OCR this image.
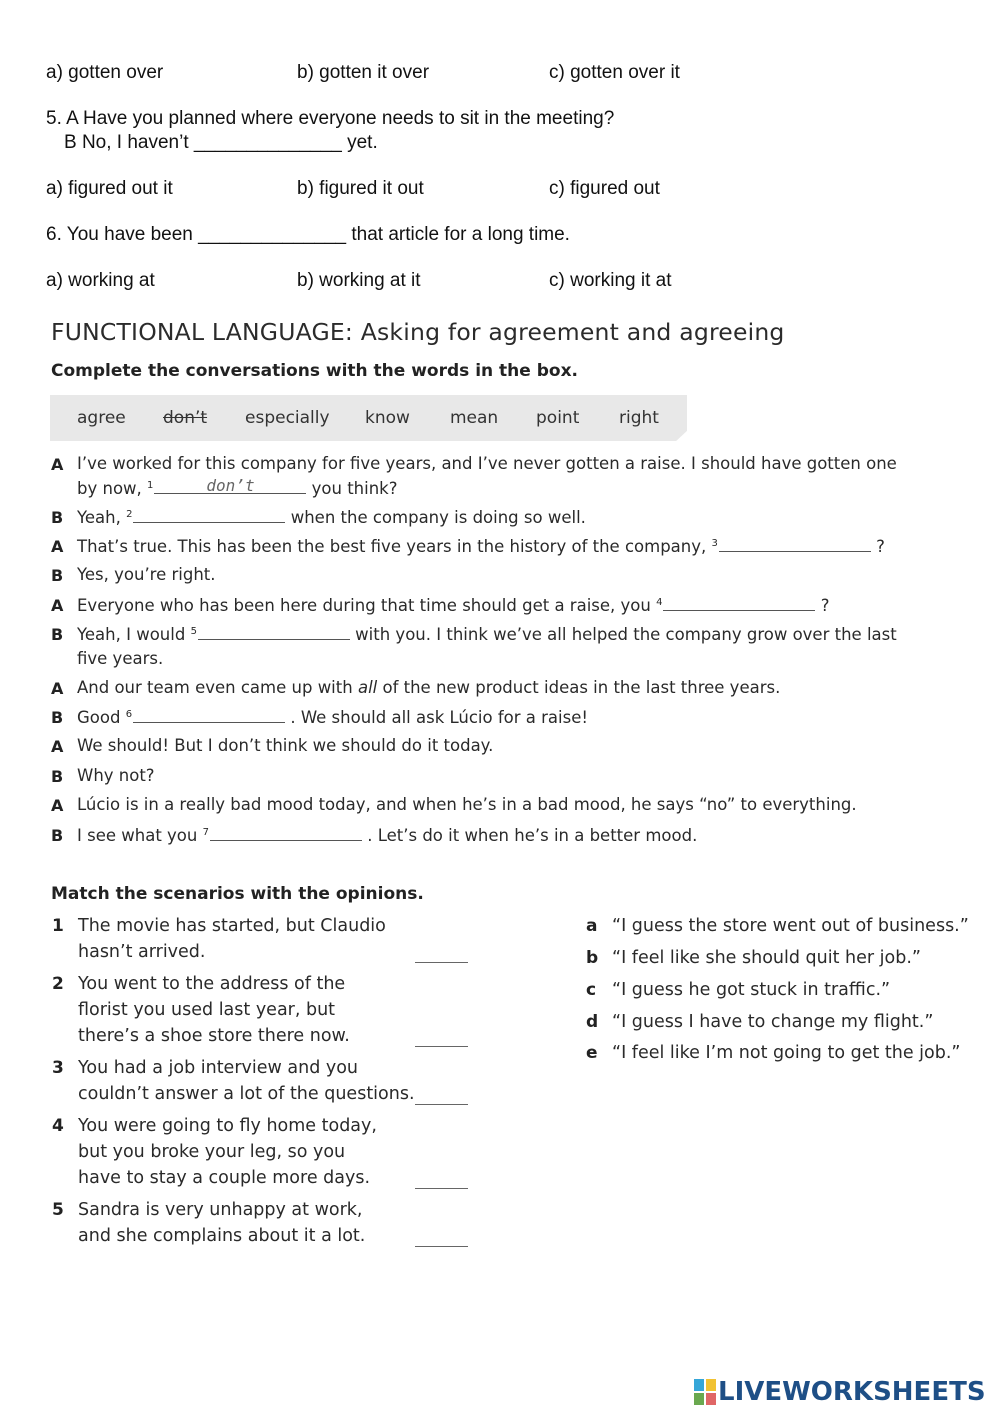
a) gotten over	b) gotten it over	c) gotten over it
5. A Have you planned where everyone needs to sit in the meeting?
B No, I haven’t ______________ yet.
a) figured out it	b) figured it out	c) figured out
6. You have been ______________ that article for a long time.
a) working at	b) working at it	c) working it at
FUNCTIONAL LANGUAGE: Asking for agreement and agreeing
Complete the conversations with the words in the box.
agree don’t especially know mean point right
A I’ve worked for this company for five years, and I’ve never gotten a raise. I should have gotten one
by now, $^1$	don’t	you think?
B Yeah, $^2$	when the company is doing so well.
A That’s true. This has been the best five years in the history of the company, $^3$	?
B Yes, you’re right.
A Everyone who has been here during that time should get a raise, you $^4$	?
B Yeah, I would $^5$	with you. I think we’ve all helped the company grow over the last
five years.
A And our team even came up with all of the new product ideas in the last three years.
B Good $^6$	. We should all ask Lúcio for a raise!
A We should! But I don’t think we should do it today.
B Why not?
A Lúcio is in a really bad mood today, and when he’s in a bad mood, he says “no” to everything.
B I see what you $^7$	. Let’s do it when he’s in a better mood.
Match the scenarios with the opinions.
1 The movie has started, but Claudio
hasn’t arrived.
2 You went to the address of the
florist you used last year, but
there’s a shoe store there now.
3 You had a job interview and you
couldn’t answer a lot of the questions.
4 You were going to fly home today,
but you broke your leg, so you
have to stay a couple more days.
5 Sandra is very unhappy at work,
and she complains about it a lot.
a “I guess the store went out of business.”
b “I feel like she should quit her job.”
c “I guess he got stuck in traffic.”
d “I guess I have to change my flight.”
e “I feel like I’m not going to get the job.”
LIVEWORKSHEETS
